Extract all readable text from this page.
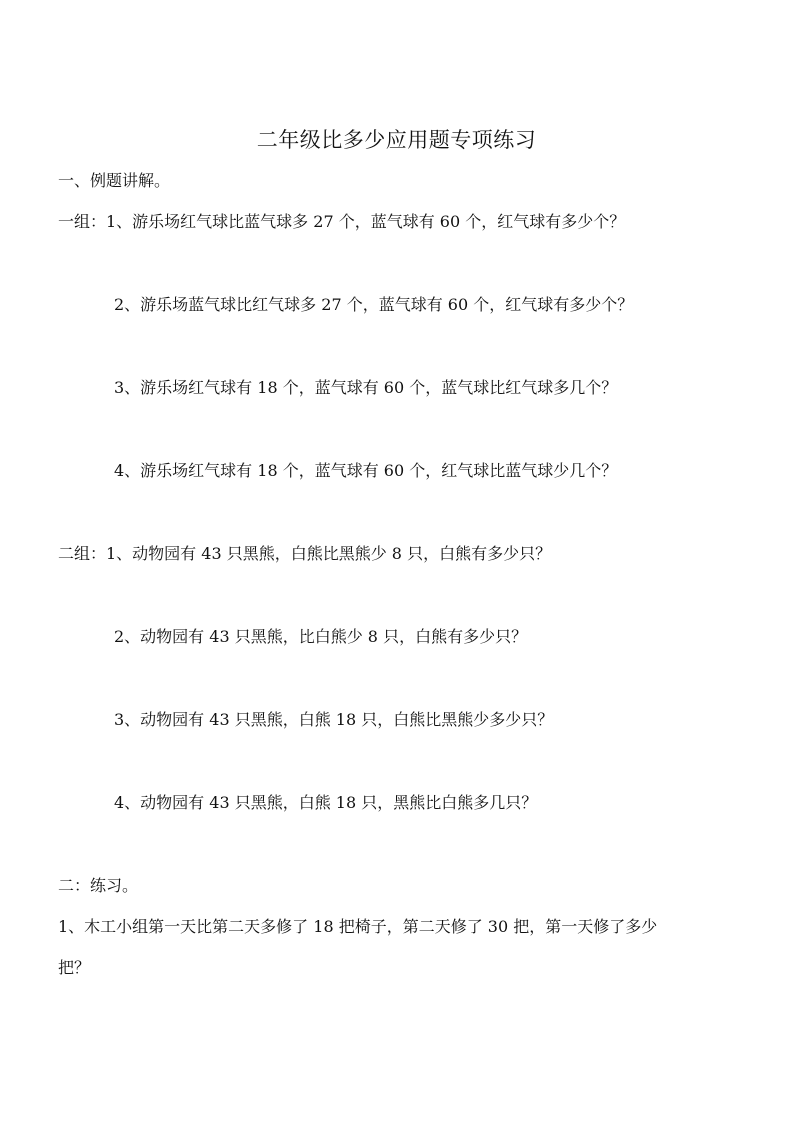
二年级比多少应用题专项练习

一、例题讲解。

一组：1、游乐场红气球比蓝气球多 27 个，蓝气球有 60 个，红气球有多少个？

2、游乐场蓝气球比红气球多 27 个，蓝气球有 60 个，红气球有多少个？

3、游乐场红气球有 18 个，蓝气球有 60 个，蓝气球比红气球多几个？

4、游乐场红气球有 18 个，蓝气球有 60 个，红气球比蓝气球少几个？

二组：1、动物园有 43 只黑熊，白熊比黑熊少 8 只，白熊有多少只？

2、动物园有 43 只黑熊，比白熊少 8 只，白熊有多少只？

3、动物园有 43 只黑熊，白熊 18 只，白熊比黑熊少多少只？

4、动物园有 43 只黑熊，白熊 18 只，黑熊比白熊多几只？

二：练习。

1、木工小组第一天比第二天多修了 18 把椅子，第二天修了 30 把，第一天修了多少

把？
